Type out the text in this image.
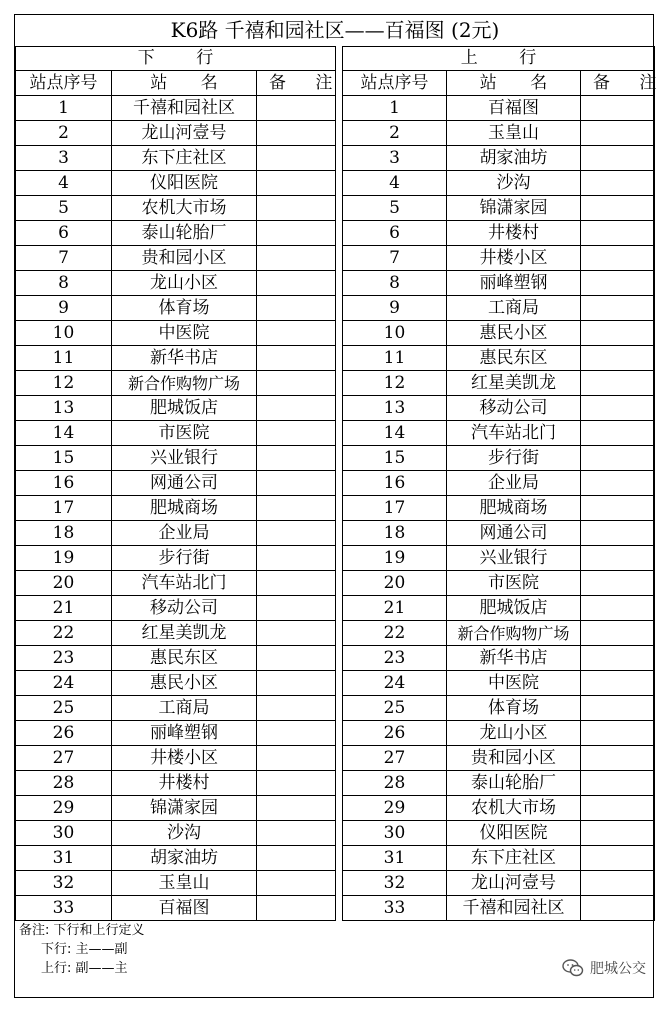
K6路 千禧和园社区——百福图 (2元)
下 行		
站点序号	站 名	备 注
1	千禧和园社区	
2	龙山河壹号	
3	东下庄社区	
4	仪阳医院	
5	农机大市场	
6	泰山轮胎厂	
7	贵和园小区	
8	龙山小区	
9	体育场	
10	中医院	
11	新华书店	
12	新合作购物广场	
13	肥城饭店	
14	市医院	
15	兴业银行	
16	网通公司	
17	肥城商场	
18	企业局	
19	步行街	
20	汽车站北门	
21	移动公司	
22	红星美凯龙	
23	惠民东区	
24	惠民小区	
25	工商局	
26	丽峰塑钢	
27	井楼小区	
28	井楼村	
29	锦潇家园	
30	沙沟	
31	胡家油坊	
32	玉皇山	
33	百福图	
上 行		
站点序号	站 名	备 注
1	百福图	
2	玉皇山	
3	胡家油坊	
4	沙沟	
5	锦潇家园	
6	井楼村	
7	井楼小区	
8	丽峰塑钢	
9	工商局	
10	惠民小区	
11	惠民东区	
12	红星美凯龙	
13	移动公司	
14	汽车站北门	
15	步行街	
16	企业局	
17	肥城商场	
18	网通公司	
19	兴业银行	
20	市医院	
21	肥城饭店	
22	新合作购物广场	
23	新华书店	
24	中医院	
25	体育场	
26	龙山小区	
27	贵和园小区	
28	泰山轮胎厂	
29	农机大市场	
30	仪阳医院	
31	东下庄社区	
32	龙山河壹号	
33	千禧和园社区	
备注: 下行和上行定义
下行: 主——副
上行: 副——主	肥城公交
